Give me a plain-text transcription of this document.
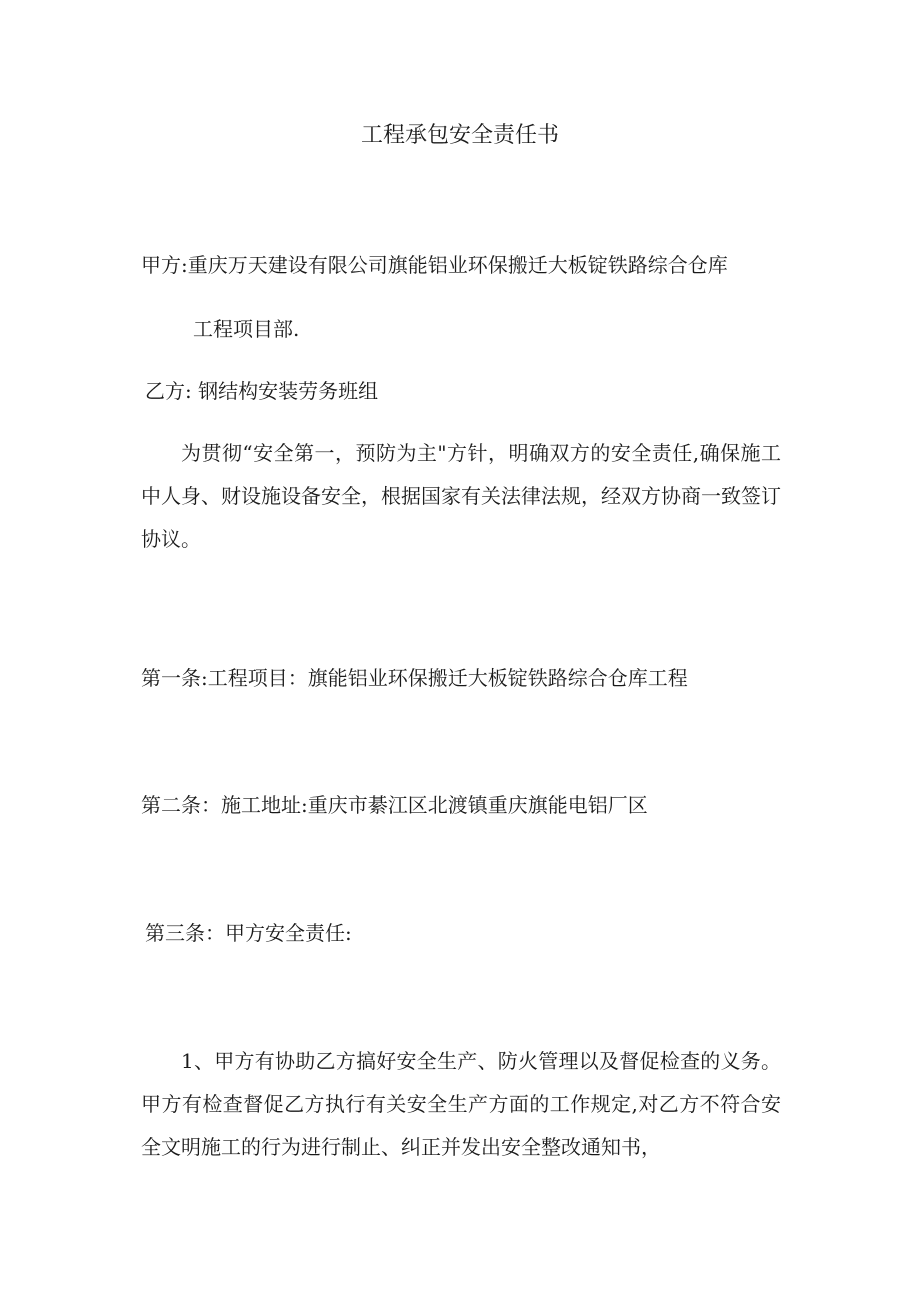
工程承包安全责任书

甲方:重庆万天建设有限公司旗能铝业环保搬迁大板锭铁路综合仓库

工程项目部.

乙方: 钢结构安装劳务班组

为贯彻“安全第一，预防为主"方针，明确双方的安全责任,确保施工中人身、财设施设备安全，根据国家有关法律法规，经双方协商一致签订协议。

第一条:工程项目：旗能铝业环保搬迁大板锭铁路综合仓库工程

第二条：施工地址:重庆市綦江区北渡镇重庆旗能电铝厂区

第三条：甲方安全责任:

1、甲方有协助乙方搞好安全生产、防火管理以及督促检查的义务。甲方有检查督促乙方执行有关安全生产方面的工作规定,对乙方不符合安全文明施工的行为进行制止、纠正并发出安全整改通知书，
